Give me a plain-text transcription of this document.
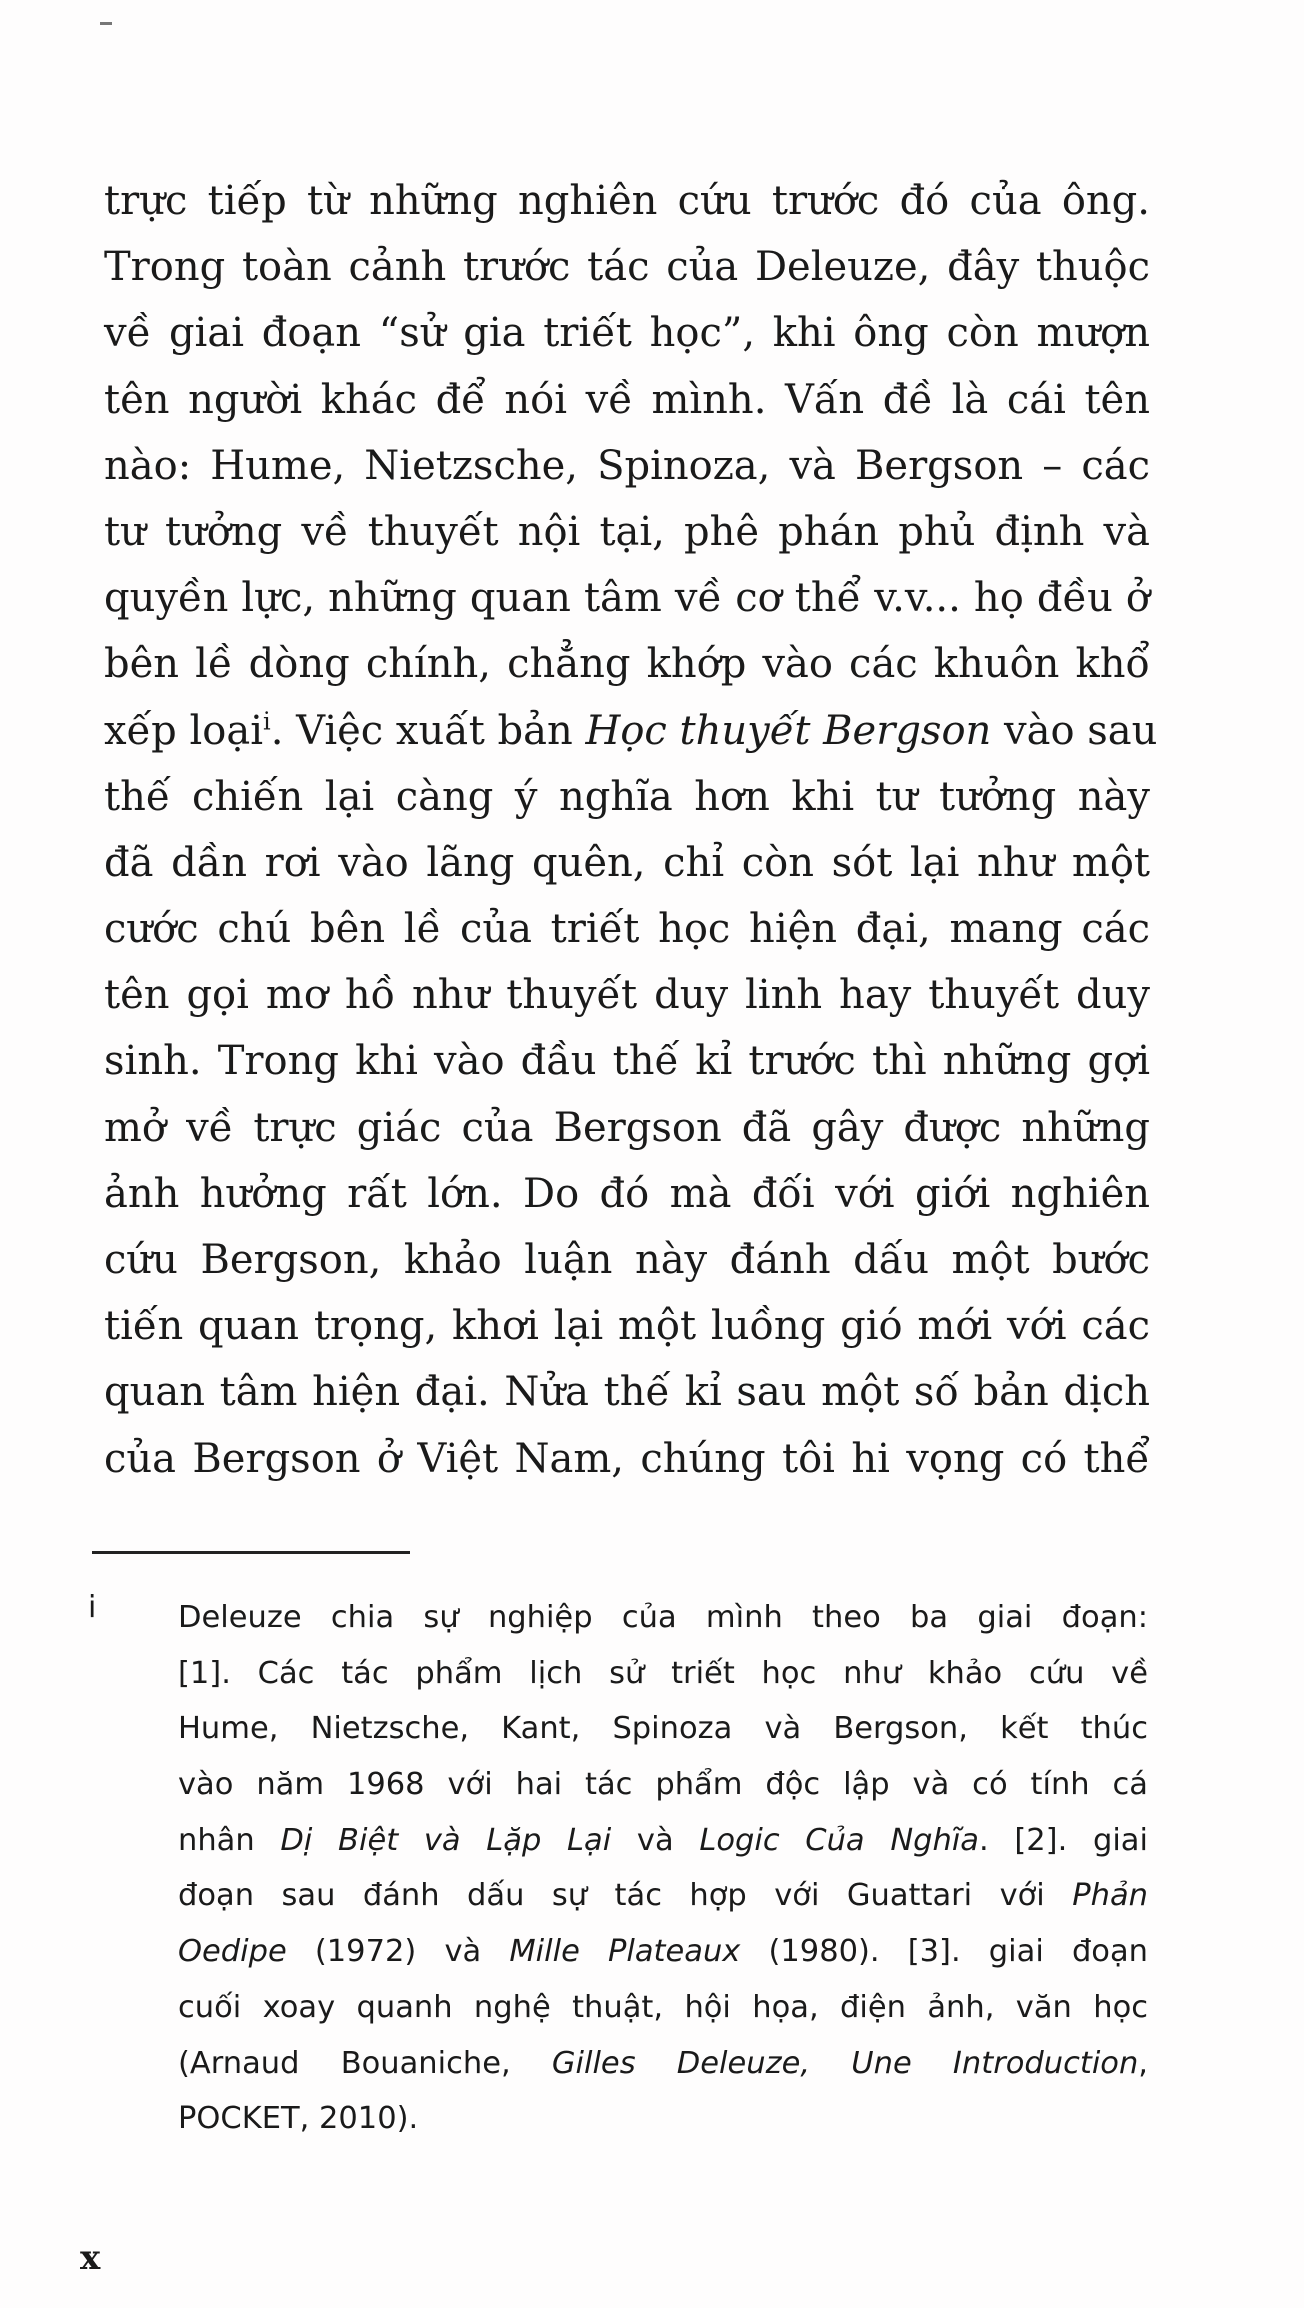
trực tiếp từ những nghiên cứu trước đó của ông.
Trong toàn cảnh trước tác của Deleuze, đây thuộc
về giai đoạn “sử gia triết học”, khi ông còn mượn
tên người khác để nói về mình. Vấn đề là cái tên
nào: Hume, Nietzsche, Spinoza, và Bergson – các
tư tưởng về thuyết nội tại, phê phán phủ định và
quyền lực, những quan tâm về cơ thể v.v... họ đều ở
bên lề dòng chính, chẳng khớp vào các khuôn khổ
xếp loại$^i$. Việc xuất bản Học thuyết Bergson vào sau
thế chiến lại càng ý nghĩa hơn khi tư tưởng này
đã dần rơi vào lãng quên, chỉ còn sót lại như một
cước chú bên lề của triết học hiện đại, mang các
tên gọi mơ hồ như thuyết duy linh hay thuyết duy
sinh. Trong khi vào đầu thế kỉ trước thì những gợi
mở về trực giác của Bergson đã gây được những
ảnh hưởng rất lớn. Do đó mà đối với giới nghiên
cứu Bergson, khảo luận này đánh dấu một bước
tiến quan trọng, khơi lại một luồng gió mới với các
quan tâm hiện đại. Nửa thế kỉ sau một số bản dịch
của Bergson ở Việt Nam, chúng tôi hi vọng có thể
i	Deleuze chia sự nghiệp của mình theo ba giai đoạn:
[1]. Các tác phẩm lịch sử triết học như khảo cứu về
Hume, Nietzsche, Kant, Spinoza và Bergson, kết thúc
vào năm 1968 với hai tác phẩm độc lập và có tính cá
nhân Dị Biệt và Lặp Lại và Logic Của Nghĩa. [2]. giai
đoạn sau đánh dấu sự tác hợp với Guattari với Phản
Oedipe (1972) và Mille Plateaux (1980). [3]. giai đoạn
cuối xoay quanh nghệ thuật, hội họa, điện ảnh, văn học
(Arnaud Bouaniche, Gilles Deleuze, Une Introduction,
POCKET, 2010).
x
